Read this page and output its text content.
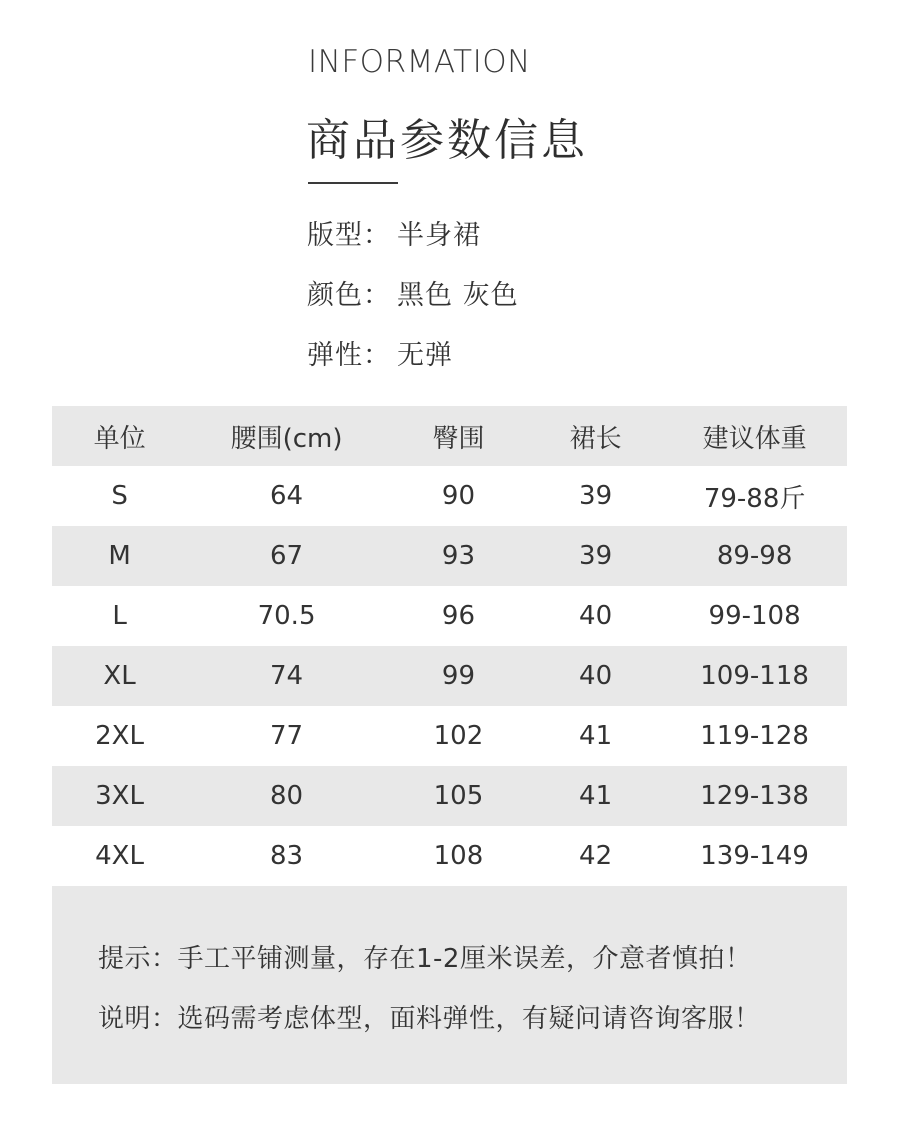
INFORMATION
商品参数信息
版型： 半身裙
颜色： 黑色 灰色
弹性： 无弹
单位	腰围(cm)	臀围	裙长	建议体重
S	64	90	39	79-88斤
M	67	93	39	89-98
L	70.5	96	40	99-108
XL	74	99	40	109-118
2XL	77	102	41	119-128
3XL	80	105	41	129-138
4XL	83	108	42	139-149
提示：手工平铺测量，存在1-2厘米误差，介意者慎拍！
说明：选码需考虑体型，面料弹性，有疑问请咨询客服！
